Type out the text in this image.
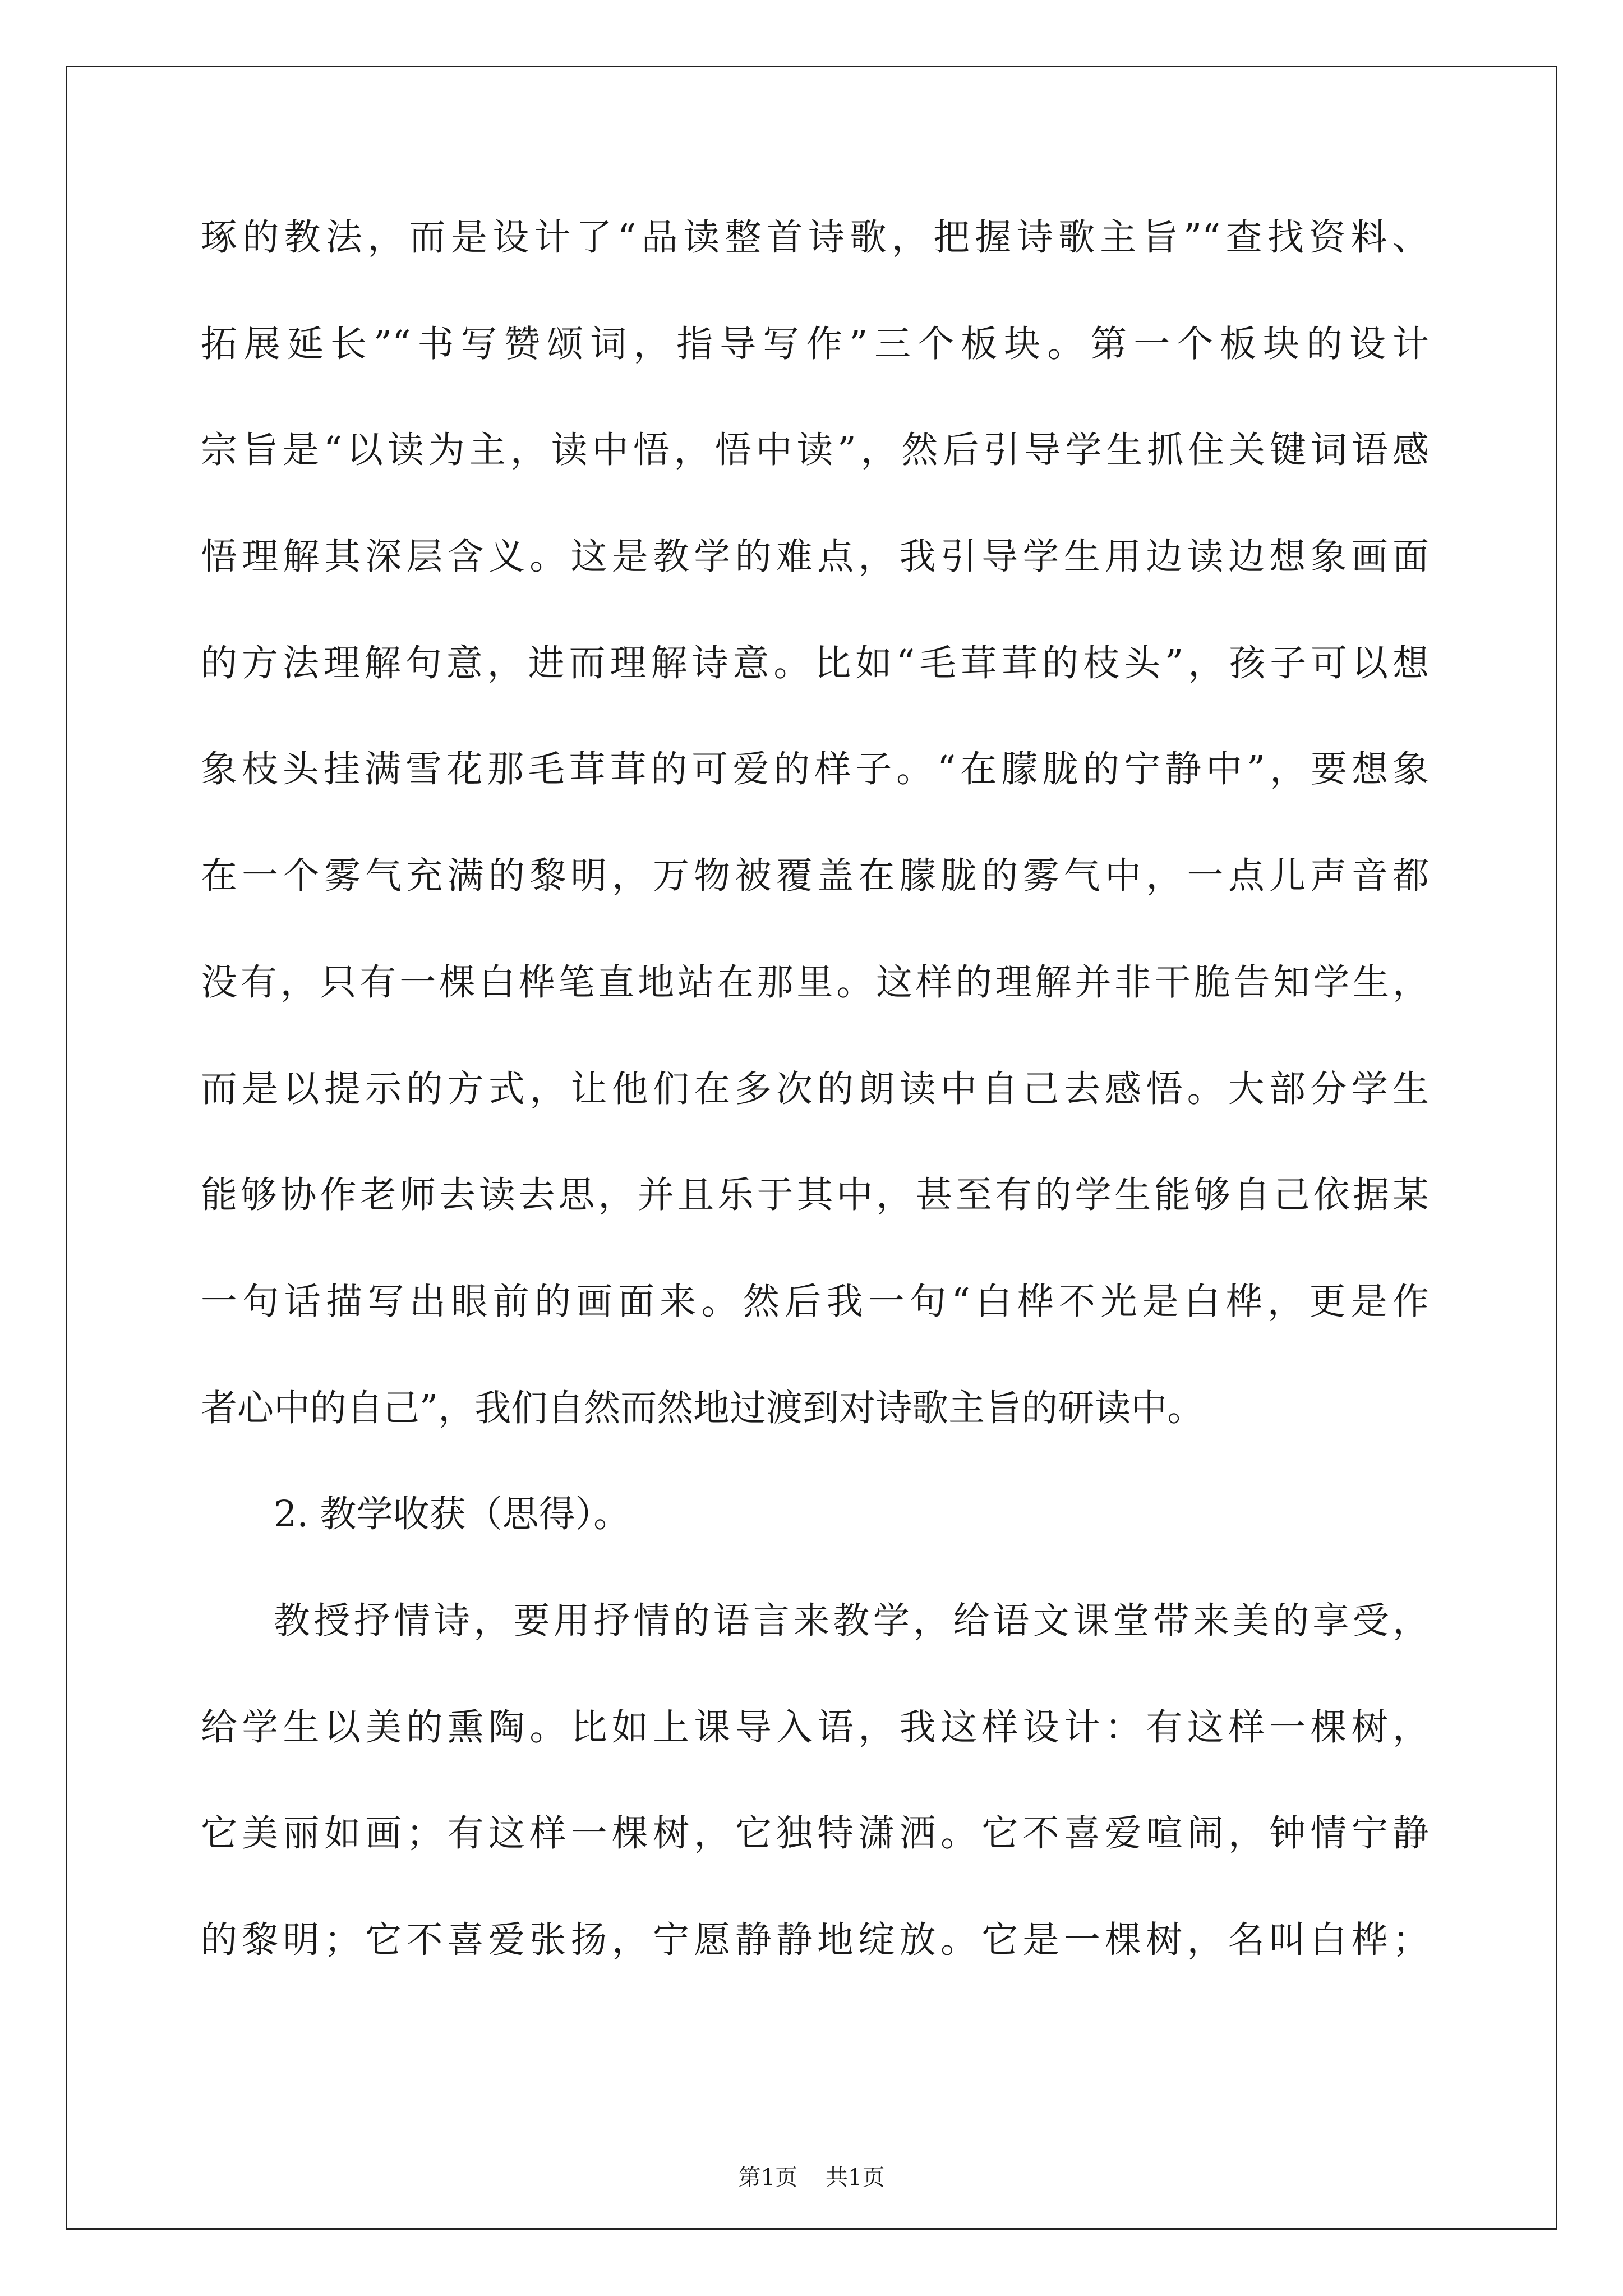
琢的教法，而是设计了“品读整首诗歌，把握诗歌主旨”“查找资料、
拓展延长”“书写赞颂词，指导写作”三个板块。第一个板块的设计
宗旨是“以读为主，读中悟，悟中读”，然后引导学生抓住关键词语感
悟理解其深层含义。这是教学的难点，我引导学生用边读边想象画面
的方法理解句意，进而理解诗意。比如“毛茸茸的枝头”，孩子可以想
象枝头挂满雪花那毛茸茸的可爱的样子。“在朦胧的宁静中”，要想象
在一个雾气充满的黎明，万物被覆盖在朦胧的雾气中，一点儿声音都
没有，只有一棵白桦笔直地站在那里。这样的理解并非干脆告知学生，
而是以提示的方式，让他们在多次的朗读中自己去感悟。大部分学生
能够协作老师去读去思，并且乐于其中，甚至有的学生能够自己依据某
一句话描写出眼前的画面来。然后我一句“白桦不光是白桦，更是作
者心中的自己”，我们自然而然地过渡到对诗歌主旨的研读中。
2. 教学收获（思得）。
教授抒情诗，要用抒情的语言来教学，给语文课堂带来美的享受，
给学生以美的熏陶。比如上课导入语，我这样设计：有这样一棵树，
它美丽如画；有这样一棵树，它独特潇洒。它不喜爱喧闹，钟情宁静
的黎明；它不喜爱张扬，宁愿静静地绽放。它是一棵树，名叫白桦；
第1页 共1页
